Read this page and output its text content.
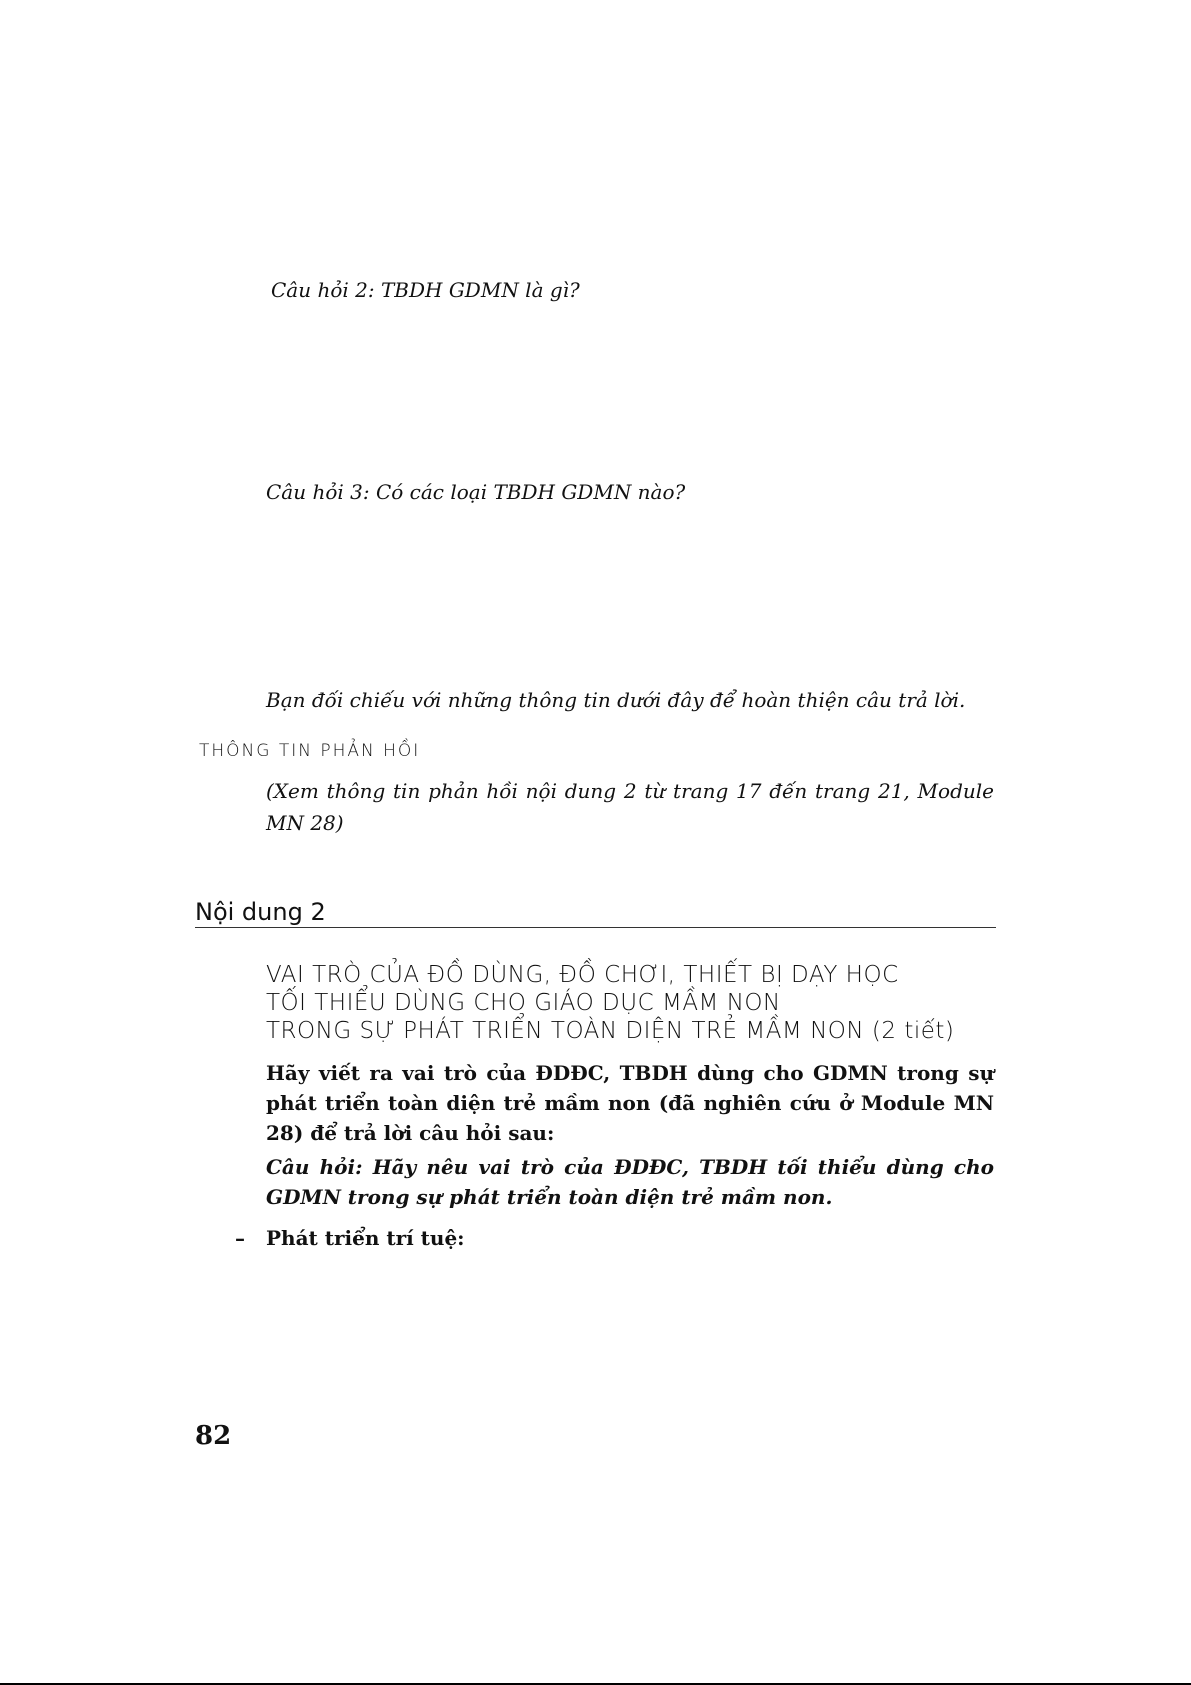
Câu hỏi 2: TBDH GDMN là gì?
Câu hỏi 3: Có các loại TBDH GDMN nào?
Bạn đối chiếu với những thông tin dưới đây để hoàn thiện câu trả lời.
THÔNG TIN PHẢN HỒI
(Xem thông tin phản hồi nội dung 2 từ trang 17 đến trang 21, Module
MN 28)
Nội dung 2
VAI TRÒ CỦA ĐỒ DÙNG, ĐỒ CHƠI, THIẾT BỊ DẠY HỌC
TỐI THIỂU DÙNG CHO GIÁO DỤC MẦM NON
TRONG SỰ PHÁT TRIỂN TOÀN DIỆN TRẺ MẦM NON (2 tiết)
Hãy viết ra vai trò của ĐDĐC, TBDH dùng cho GDMN trong sự phát triển toàn diện trẻ mầm non (đã nghiên cứu ở Module MN 28) để trả lời câu hỏi sau:
Câu hỏi: Hãy nêu vai trò của ĐDĐC, TBDH tối thiểu dùng cho GDMN trong sự phát triển toàn diện trẻ mầm non.
– Phát triển trí tuệ:
82
